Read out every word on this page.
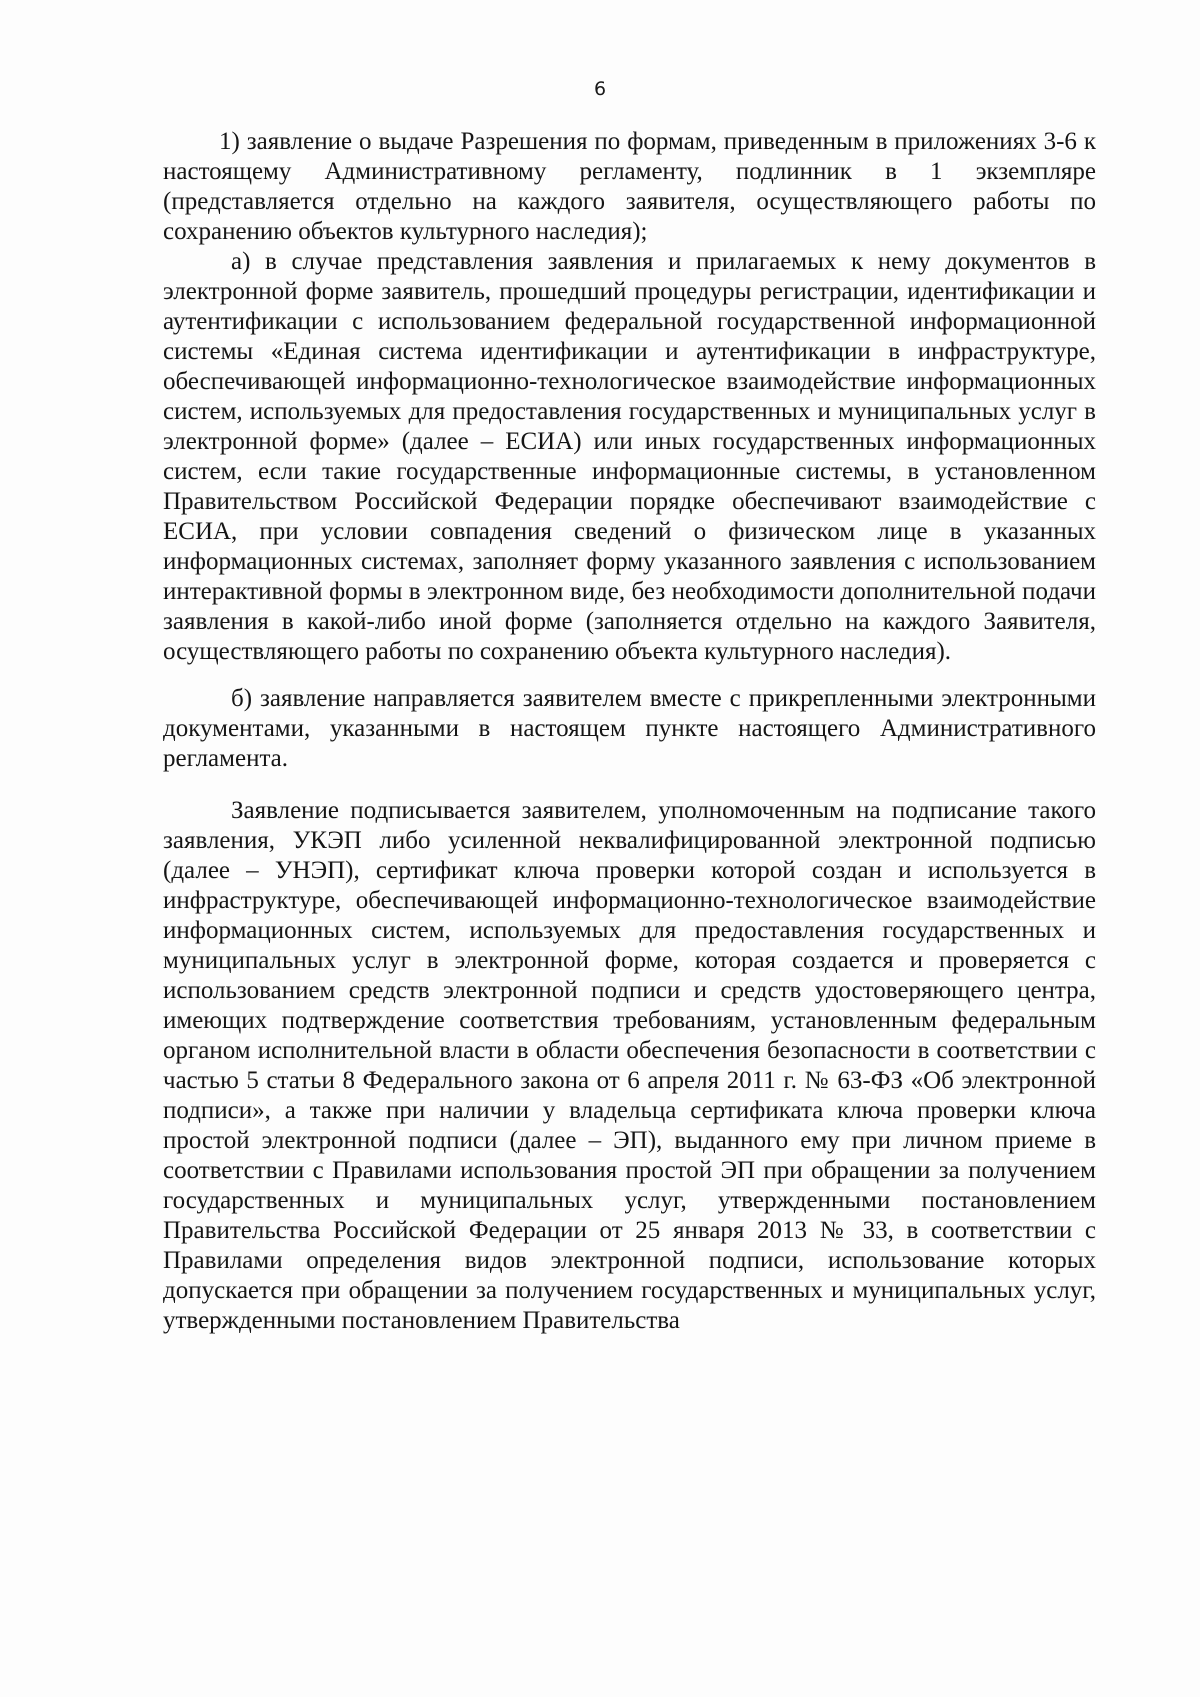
6

1) заявление о выдаче Разрешения по формам, приведенным в приложениях 3-6 к настоящему Административному регламенту, подлинник в 1 экземпляре (представляется отдельно на каждого заявителя, осуществляющего работы по сохранению объектов культурного наследия);

а) в случае представления заявления и прилагаемых к нему документов в электронной форме заявитель, прошедший процедуры регистрации, идентификации и аутентификации с использованием федеральной государственной информационной системы «Единая система идентификации и аутентификации в инфраструктуре, обеспечивающей информационно-технологическое взаимодействие информационных систем, используемых для предоставления государственных и муниципальных услуг в электронной форме» (далее – ЕСИА) или иных государственных информационных систем, если такие государственные информационные системы, в установленном Правительством Российской Федерации порядке обеспечивают взаимодействие с ЕСИА, при условии совпадения сведений о физическом лице в указанных информационных системах, заполняет форму указанного заявления с использованием интерактивной формы в электронном виде, без необходимости дополнительной подачи заявления в какой-либо иной форме (заполняется отдельно на каждого Заявителя, осуществляющего работы по сохранению объекта культурного наследия).

б) заявление направляется заявителем вместе с прикрепленными электронными документами, указанными в настоящем пункте настоящего Административного регламента.

Заявление подписывается заявителем, уполномоченным на подписание такого заявления, УКЭП либо усиленной неквалифицированной электронной подписью (далее – УНЭП), сертификат ключа проверки которой создан и используется в инфраструктуре, обеспечивающей информационно-технологическое взаимодействие информационных систем, используемых для предоставления государственных и муниципальных услуг в электронной форме, которая создается и проверяется с использованием средств электронной подписи и средств удостоверяющего центра, имеющих подтверждение соответствия требованиям, установленным федеральным органом исполнительной власти в области обеспечения безопасности в соответствии с частью 5 статьи 8 Федерального закона от 6 апреля 2011 г. № 63-ФЗ «Об электронной подписи», а также при наличии у владельца сертификата ключа проверки ключа простой электронной подписи (далее – ЭП), выданного ему при личном приеме в соответствии с Правилами использования простой ЭП при обращении за получением государственных и муниципальных услуг, утвержденными постановлением Правительства Российской Федерации от 25 января 2013 № 33, в соответствии с Правилами определения видов электронной подписи, использование которых допускается при обращении за получением государственных и муниципальных услуг, утвержденными постановлением Правительства
